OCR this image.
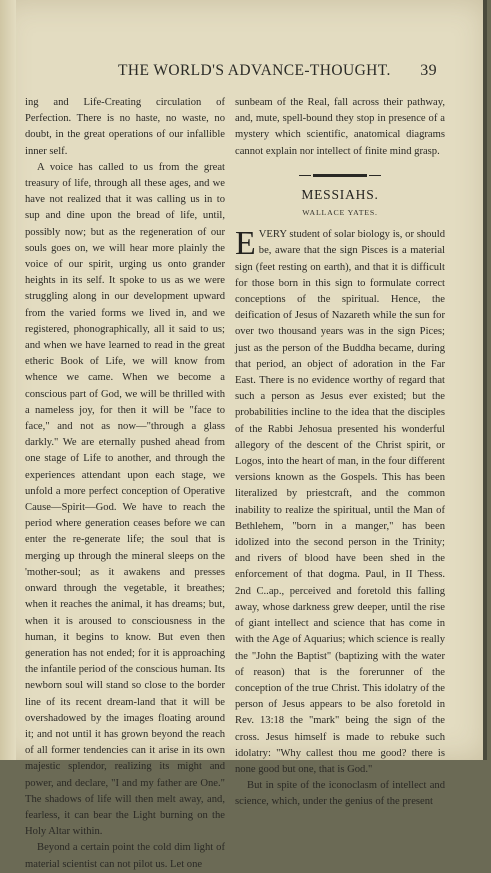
THE WORLD'S ADVANCE-THOUGHT. 39

ing and Life-Creating circulation of Perfection. There is no haste, no waste, no doubt, in the great operations of our infallible inner self.

A voice has called to us from the great treasury of life, through all these ages, and we have not realized that it was calling us in to sup and dine upon the bread of life, until, possibly now; but as the regeneration of our souls goes on, we will hear more plainly the voice of our spirit, urging us onto grander heights in its self. It spoke to us as we were struggling along in our development upward from the varied forms we lived in, and we registered, phonographically, all it said to us; and when we have learned to read in the great etheric Book of Life, we will know from whence we came. When we become a conscious part of God, we will be thrilled with a nameless joy, for then it will be "face to face," and not as now—"through a glass darkly." We are eternally pushed ahead from one stage of Life to another, and through the experiences attendant upon each stage, we unfold a more perfect conception of Operative Cause—Spirit—God. We have to reach the period where generation ceases before we can enter the re-generate life; the soul that is merging up through the mineral sleeps on the 'mother-soul; as it awakens and presses onward through the vegetable, it breathes; when it reaches the animal, it has dreams; but, when it is aroused to consciousness in the human, it begins to know. But even then generation has not ended; for it is approaching the infantile period of the conscious human. Its newborn soul will stand so close to the border line of its recent dream-land that it will be overshadowed by the images floating around it; and not until it has grown beyond the reach of all former tendencies can it arise in its own majestic splendor, realizing its might and power, and declare, "I and my father are One." The shadows of life will then melt away, and, fearless, it can bear the Light burning on the Holy Altar within.

Beyond a certain point the cold dim light of material scientist can not pilot us. Let one

sunbeam of the Real, fall across their pathway, and, mute, spell-bound they stop in presence of a mystery which scientific, anatomical diagrams cannot explain nor intellect of finite mind grasp.

MESSIAHS.
WALLACE YATES.

EVERY student of solar biology is, or should be, aware that the sign Pisces is a material sign (feet resting on earth), and that it is difficult for those born in this sign to formulate correct conceptions of the spiritual. Hence, the deification of Jesus of Nazareth while the sun for over two thousand years was in the sign Pices; just as the person of the Buddha became, during that period, an object of adoration in the Far East. There is no evidence worthy of regard that such a person as Jesus ever existed; but the probabilities incline to the idea that the disciples of the Rabbi Jehosua presented his wonderful allegory of the descent of the Christ spirit, or Logos, into the heart of man, in the four different versions known as the Gospels. This has been literalized by priestcraft, and the common inability to realize the spiritual, until the Man of Bethlehem, "born in a manger," has been idolized into the second person in the Trinity; and rivers of blood have been shed in the enforcement of that dogma. Paul, in II Thess. 2nd C..ap., perceived and foretold this falling away, whose darkness grew deeper, until the rise of giant intellect and science that has come in with the Age of Aquarius; which science is really the "John the Baptist" (baptizing with the water of reason) that is the forerunner of the conception of the true Christ. This idolatry of the person of Jesus appears to be also foretold in Rev. 13:18 the "mark" being the sign of the cross. Jesus himself is made to rebuke such idolatry: "Why callest thou me good? there is none good but one, that is God."

But in spite of the iconoclasm of intellect and science, which, under the genius of the present
